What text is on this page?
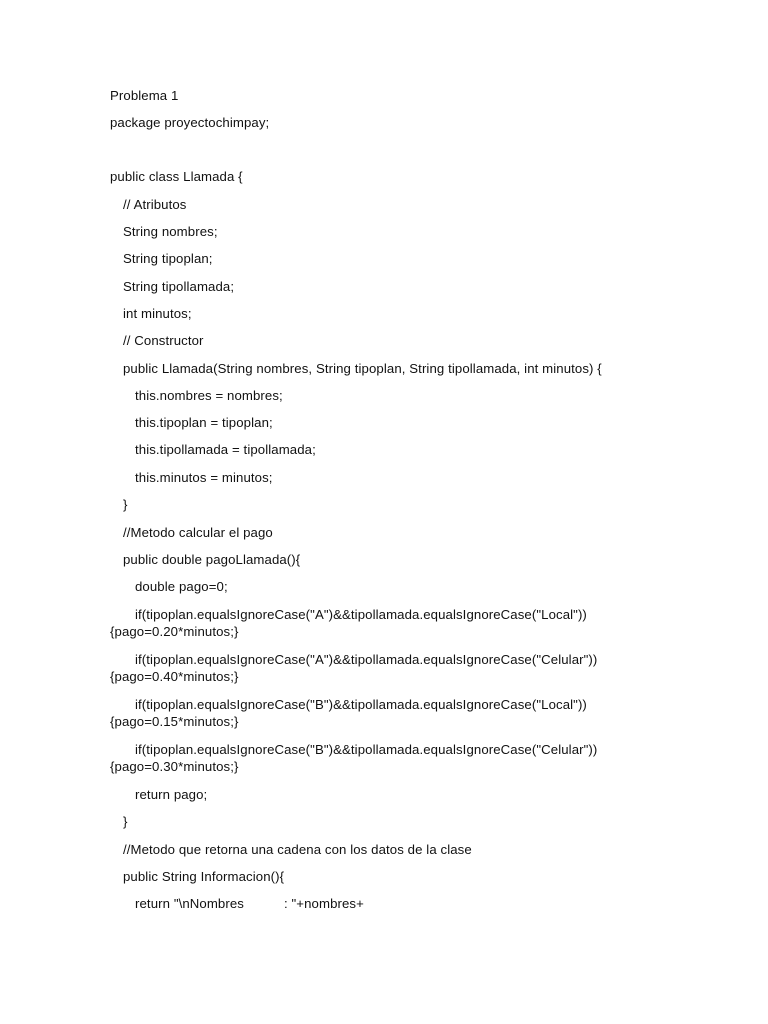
Problema 1
package proyectochimpay;
public class Llamada {
// Atributos
String nombres;
String tipoplan;
String tipollamada;
int minutos;
// Constructor
public Llamada(String nombres, String tipoplan, String tipollamada, int minutos) {
this.nombres = nombres;
this.tipoplan = tipoplan;
this.tipollamada = tipollamada;
this.minutos = minutos;
}
//Metodo calcular el pago
public double pagoLlamada(){
double pago=0;
if(tipoplan.equalsIgnoreCase("A")&&tipollamada.equalsIgnoreCase("Local"))
{pago=0.20*minutos;}
if(tipoplan.equalsIgnoreCase("A")&&tipollamada.equalsIgnoreCase("Celular"))
{pago=0.40*minutos;}
if(tipoplan.equalsIgnoreCase("B")&&tipollamada.equalsIgnoreCase("Local"))
{pago=0.15*minutos;}
if(tipoplan.equalsIgnoreCase("B")&&tipollamada.equalsIgnoreCase("Celular"))
{pago=0.30*minutos;}
return pago;
}
//Metodo que retorna una cadena con los datos de la clase
public String Informacion(){
return "\nNombres	: "+nombres+
